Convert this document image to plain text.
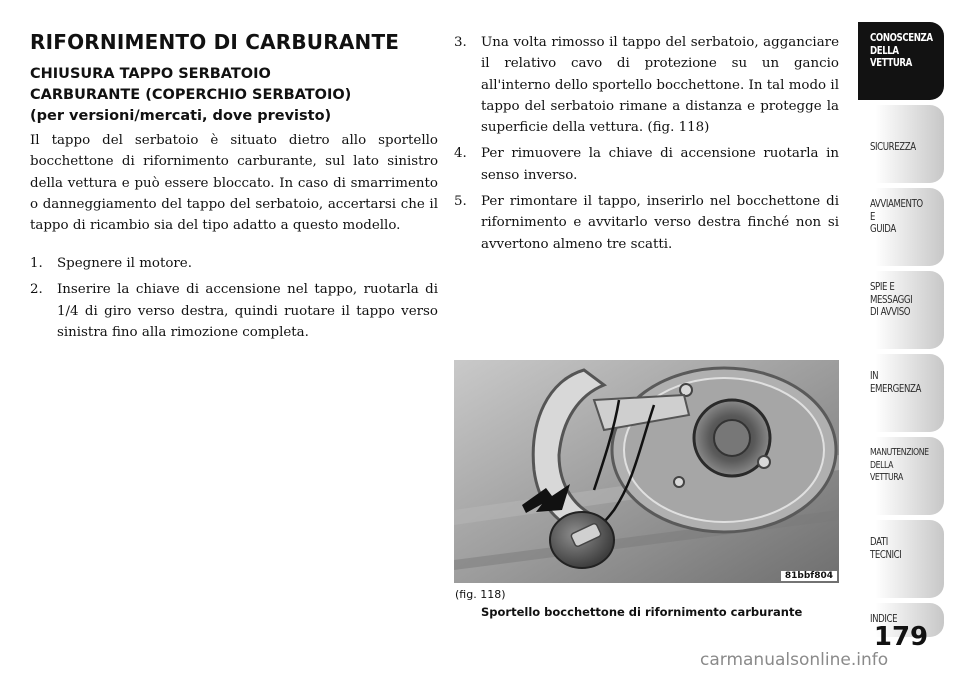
RIFORNIMENTO DI CARBURANTE
CHIUSURA TAPPO SERBATOIO
CARBURANTE (COPERCHIO SERBATOIO)
(per versioni/mercati, dove previsto)

Il tappo del serbatoio è situato dietro allo sportello bocchettone di rifornimento carburante, sul lato sinistro della vettura e può essere bloccato. In caso di smarrimento o danneggiamento del tappo del serbatoio, accertarsi che il tappo di ricambio sia del tipo adatto a questo modello.

1. Spegnere il motore.
2. Inserire la chiave di accensione nel tappo, ruotarla di 1/4 di giro verso destra, quindi ruotare il tappo verso sinistra fino alla rimozione completa.
3. Una volta rimosso il tappo del serbatoio, agganciare il relativo cavo di protezione su un gancio all'interno dello sportello bocchettone. In tal modo il tappo del serbatoio rimane a distanza e protegge la superficie della vettura. (fig. 118)
4. Per rimuovere la chiave di accensione ruotarla in senso inverso.
5. Per rimontare il tappo, inserirlo nel bocchettone di rifornimento e avvitarlo verso destra finché non si avvertono almeno tre scatti.
81bbf804
(fig. 118)
Sportello bocchettone di rifornimento carburante
CONOSCENZA
DELLA
VETTURA
SICUREZZA
AVVIAMENTO
E
GUIDA
SPIE E
MESSAGGI
DI AVVISO
IN
EMERGENZA
MANUTENZIONE
DELLA
VETTURA
DATI
TECNICI
INDICE
179
carmanualsonline.info
